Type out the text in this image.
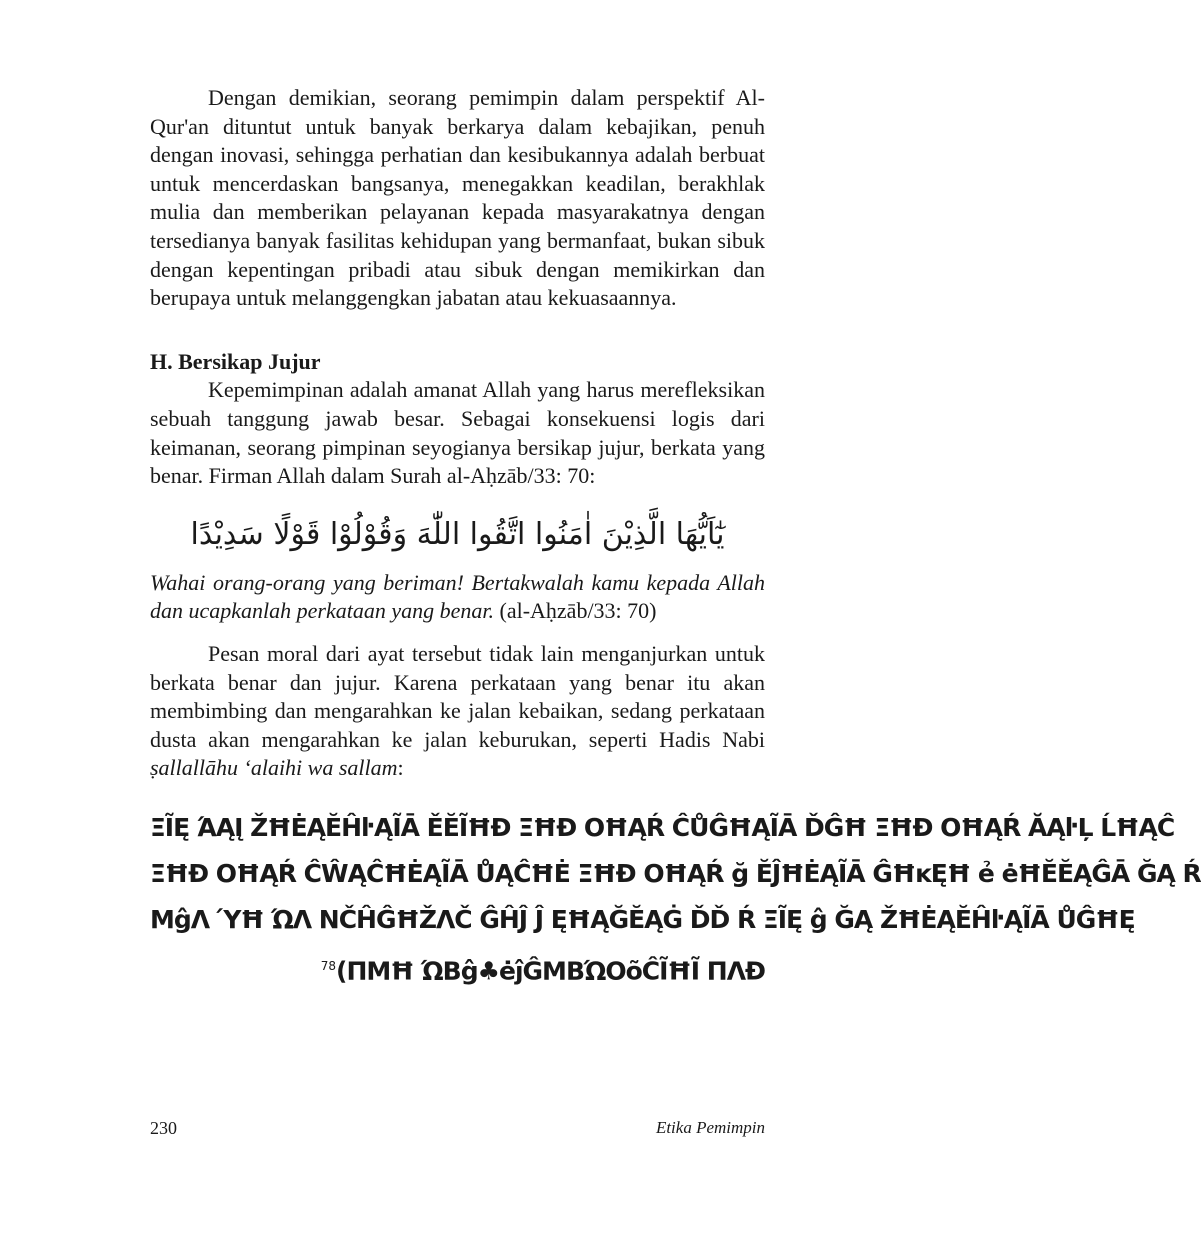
Dengan demikian, seorang pemimpin dalam perspektif Al-Qur'an dituntut untuk banyak berkarya dalam kebajikan, penuh dengan inovasi, sehingga perhatian dan kesibukannya adalah berbuat untuk mencerdaskan bangsanya, menegakkan keadilan, berakhlak mulia dan memberikan pelayanan kepada masyarakatnya dengan tersedianya banyak fasilitas kehidupan yang bermanfaat, bukan sibuk dengan kepentingan pribadi atau sibuk dengan memikirkan dan berupaya untuk melanggengkan jabatan atau kekuasaannya.

H. Bersikap Jujur

Kepemimpinan adalah amanat Allah yang harus merefleksikan sebuah tanggung jawab besar. Sebagai konsekuensi logis dari keimanan, seorang pimpinan seyogianya bersikap jujur, berkata yang benar. Firman Allah dalam Surah al-Aḥzāb/33: 70:

يٰٓاَيُّهَا الَّذِيْنَ اٰمَنُوا اتَّقُوا اللّٰهَ وَقُوْلُوْا قَوْلًا سَدِيْدًا

Wahai orang-orang yang beriman! Bertakwalah kamu kepada Allah dan ucapkanlah perkataan yang benar. (al-Aḥzāb/33: 70)

Pesan moral dari ayat tersebut tidak lain menganjurkan untuk berkata benar dan jujur. Karena perkataan yang benar itu akan membimbing dan mengarahkan ke jalan kebaikan, sedang perkataan dusta akan mengarahkan ke jalan keburukan, seperti Hadis Nabi ṣallallāhu ‘alaihi wa sallam:

ΞĨĘ ΆĄĮ ŽĦĖĄĔĤŀĄĨĀ ĚĔĨĦĐ ΞĦĐ ΟĦĄŔ ĈŮĜĦĄĨĀ ĎĜĦ ΞĦĐ ΟĦĄŔ ĂĄŀĻ ĹĦĄĈ
ΞĦĐ ΟĦĄŔ ĈŴĄĈĦĖĄĨĀ ŮĄĈĦĖ ΞĦĐ ΟĦĄŔ ğ ĔĴĦĖĄĨĀ ĜĦĸĘĦ ẻ ėĦĔĔĄĜĀ ĞĄ Ŕ
ΜĝΛ ΎĦ ΏΛ ΝČĤĜĦŽΛČ ĜĤĴ Ĵ ĘĦĄĞĔĄĠ ĎĎ Ŕ ΞĨĘ ĝ ĞĄ ŽĦĖĄĔĤŀĄĨĀ ŮĜĦĘ
$^{78}$(ΠΜĦ ΏΒĝ♣ėĵĜΜΒΏΟõĈĨĦĨ ΠΛĐ
230	Etika Pemimpin
